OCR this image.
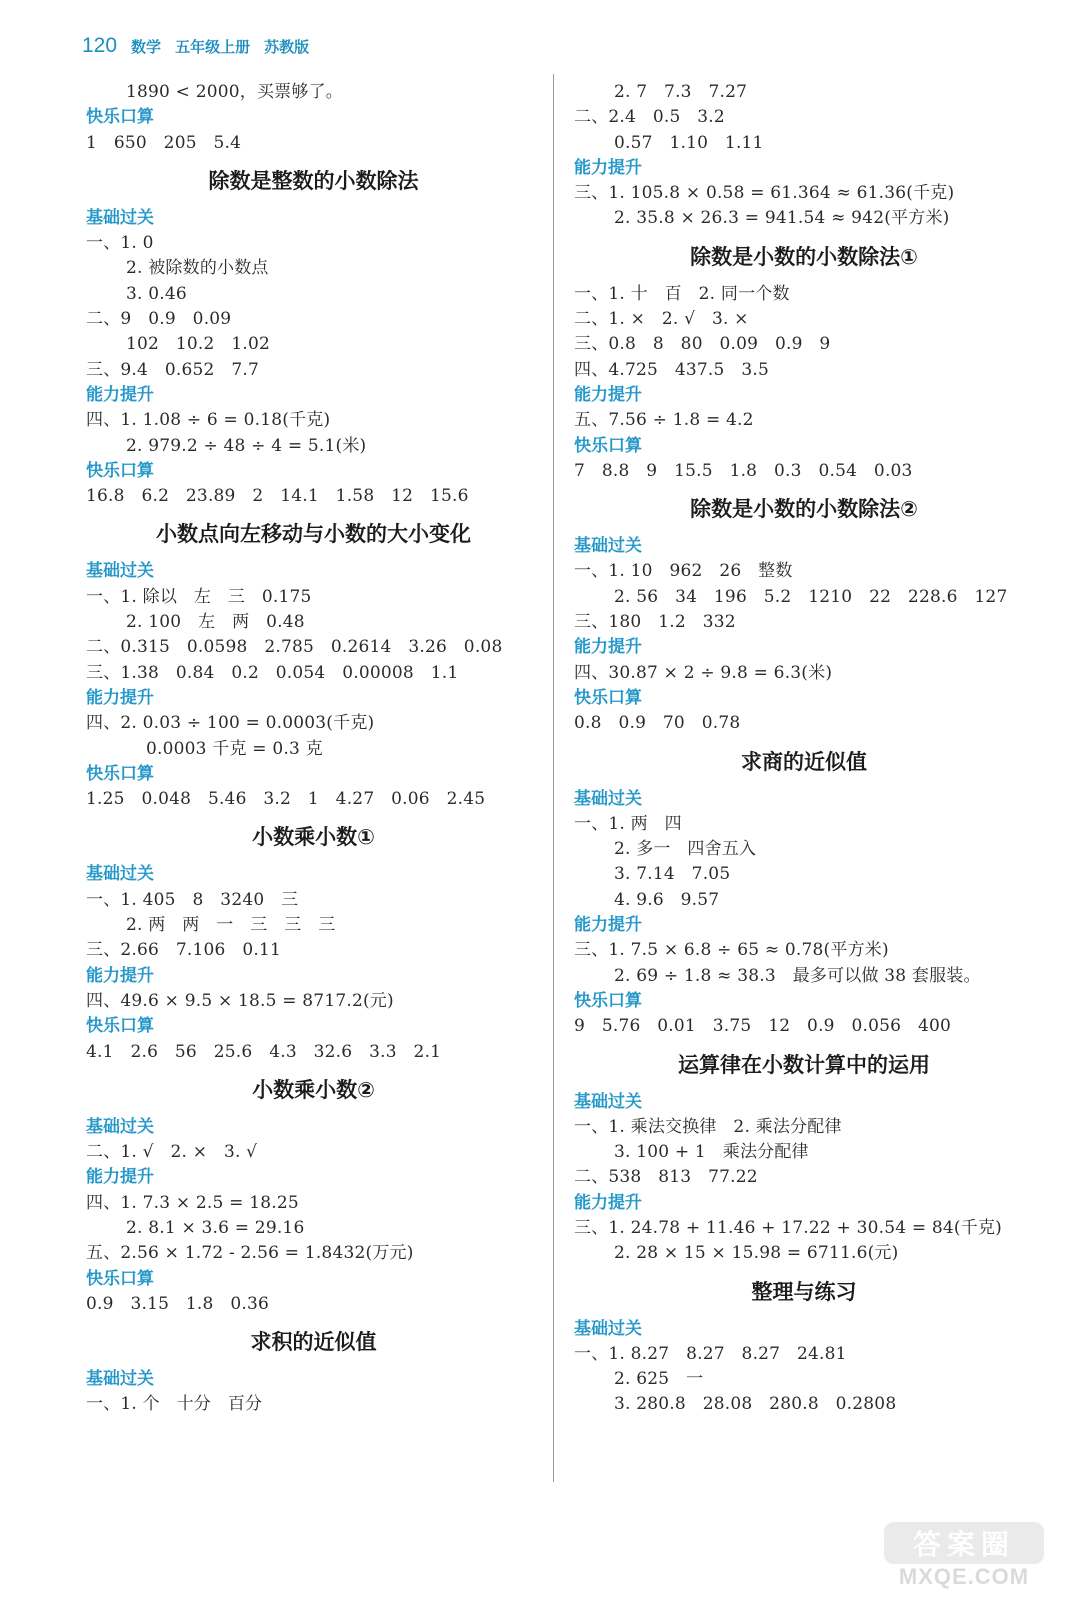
120 数学 五年级上册 苏教版
1890 < 2000，买票够了。
快乐口算
1   650   205   5.4
除数是整数的小数除法
基础过关
一、1. 0
2. 被除数的小数点
3. 0.46
二、9   0.9   0.09
102   10.2   1.02
三、9.4   0.652   7.7
能力提升
四、1. 1.08 ÷ 6 = 0.18(千克)
2. 979.2 ÷ 48 ÷ 4 = 5.1(米)
快乐口算
16.8   6.2   23.89   2   14.1   1.58   12   15.6
小数点向左移动与小数的大小变化
基础过关
一、1. 除以   左   三   0.175
2. 100   左   两   0.48
二、0.315   0.0598   2.785   0.2614   3.26   0.08
三、1.38   0.84   0.2   0.054   0.00008   1.1
能力提升
四、2. 0.03 ÷ 100 = 0.0003(千克)
0.0003 千克 = 0.3 克
快乐口算
1.25   0.048   5.46   3.2   1   4.27   0.06   2.45
小数乘小数①
基础过关
一、1. 405   8   3240   三
2. 两   两   一   三   三   三
三、2.66   7.106   0.11
能力提升
四、49.6 × 9.5 × 18.5 = 8717.2(元)
快乐口算
4.1   2.6   56   25.6   4.3   32.6   3.3   2.1
小数乘小数②
基础过关
二、1. √   2. ×   3. √
能力提升
四、1. 7.3 × 2.5 = 18.25
2. 8.1 × 3.6 = 29.16
五、2.56 × 1.72 - 2.56 = 1.8432(万元)
快乐口算
0.9   3.15   1.8   0.36
求积的近似值
基础过关
一、1. 个   十分   百分
2. 7   7.3   7.27
二、2.4   0.5   3.2
0.57   1.10   1.11
能力提升
三、1. 105.8 × 0.58 = 61.364 ≈ 61.36(千克)
2. 35.8 × 26.3 = 941.54 ≈ 942(平方米)
除数是小数的小数除法①
一、1. 十   百   2. 同一个数
二、1. ×   2. √   3. ×
三、0.8   8   80   0.09   0.9   9
四、4.725   437.5   3.5
能力提升
五、7.56 ÷ 1.8 = 4.2
快乐口算
7   8.8   9   15.5   1.8   0.3   0.54   0.03
除数是小数的小数除法②
基础过关
一、1. 10   962   26   整数
2. 56   34   196   5.2   1210   22   228.6   127
三、180   1.2   332
能力提升
四、30.87 × 2 ÷ 9.8 = 6.3(米)
快乐口算
0.8   0.9   70   0.78
求商的近似值
基础过关
一、1. 两   四
2. 多一   四舍五入
3. 7.14   7.05
4. 9.6   9.57
能力提升
三、1. 7.5 × 6.8 ÷ 65 ≈ 0.78(平方米)
2. 69 ÷ 1.8 ≈ 38.3   最多可以做 38 套服装。
快乐口算
9   5.76   0.01   3.75   12   0.9   0.056   400
运算律在小数计算中的运用
基础过关
一、1. 乘法交换律   2. 乘法分配律
3. 100 + 1   乘法分配律
二、538   813   77.22
能力提升
三、1. 24.78 + 11.46 + 17.22 + 30.54 = 84(千克)
2. 28 × 15 × 15.98 = 6711.6(元)
整理与练习
基础过关
一、1. 8.27   8.27   8.27   24.81
2. 625   一
3. 280.8   28.08   280.8   0.2808
答案圈
MXQE.COM
